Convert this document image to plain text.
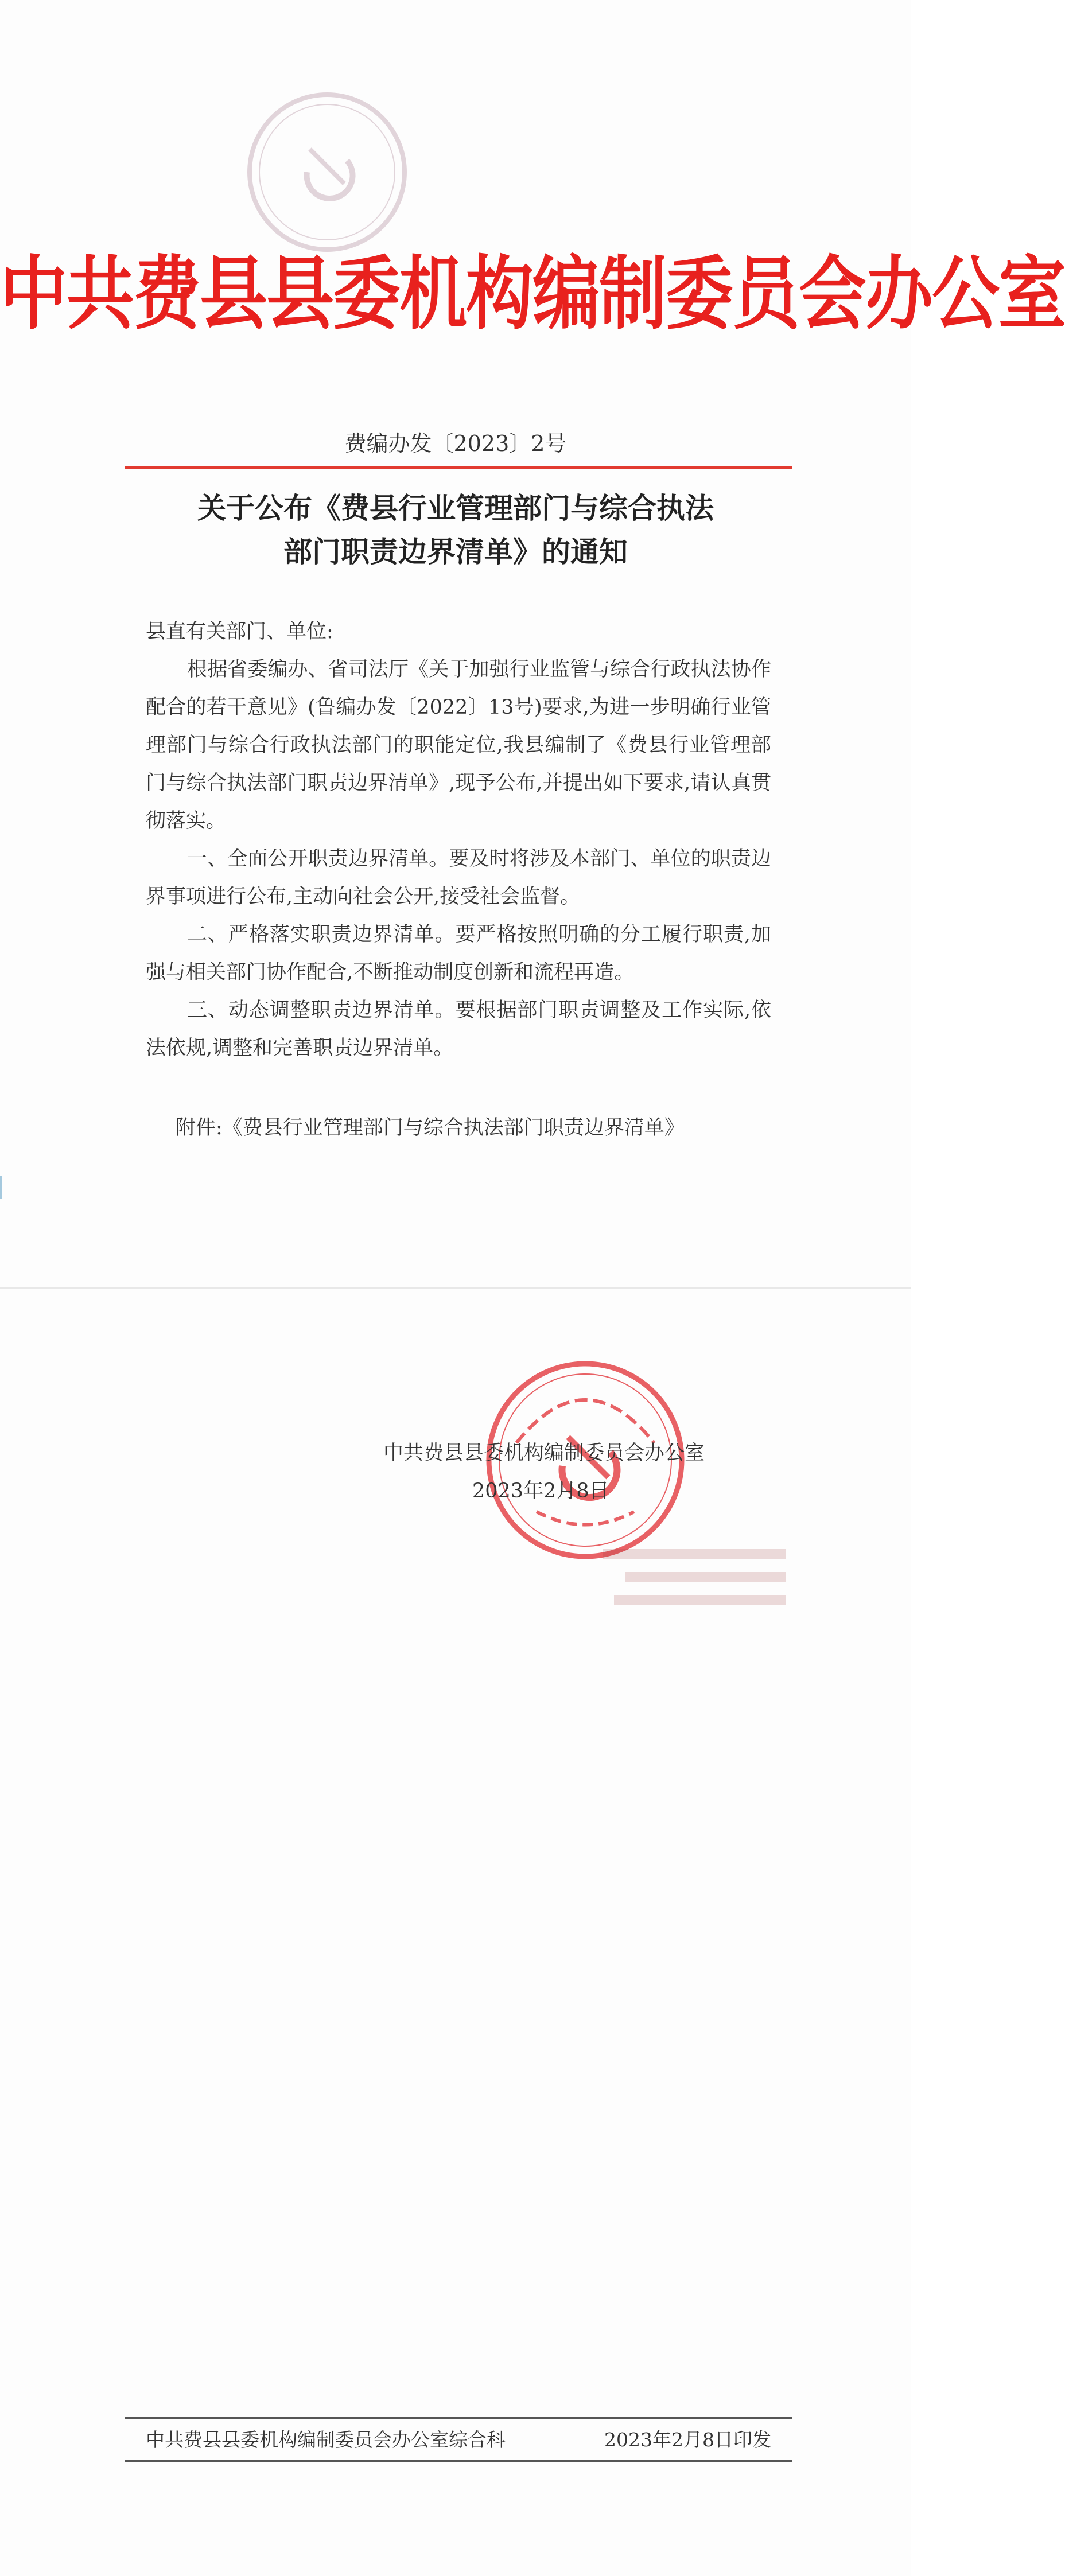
中共费县县委机构编制委员会办公室
费编办发〔2023〕2号
关于公布《费县行业管理部门与综合执法
部门职责边界清单》的通知

县直有关部门、单位:

根据省委编办、省司法厅《关于加强行业监管与综合行政执法协作配合的若干意见》(鲁编办发〔2022〕13号)要求,为进一步明确行业管理部门与综合行政执法部门的职能定位,我县编制了《费县行业管理部门与综合执法部门职责边界清单》,现予公布,并提出如下要求,请认真贯彻落实。

一、全面公开职责边界清单。要及时将涉及本部门、单位的职责边界事项进行公布,主动向社会公开,接受社会监督。

二、严格落实职责边界清单。要严格按照明确的分工履行职责,加强与相关部门协作配合,不断推动制度创新和流程再造。

三、动态调整职责边界清单。要根据部门职责调整及工作实际,依法依规,调整和完善职责边界清单。

附件:《费县行业管理部门与综合执法部门职责边界清单》
中共费县县委机构编制委员会办公室
2023年2月8日
中共费县县委机构编制委员会办公室综合科	2023年2月8日印发
